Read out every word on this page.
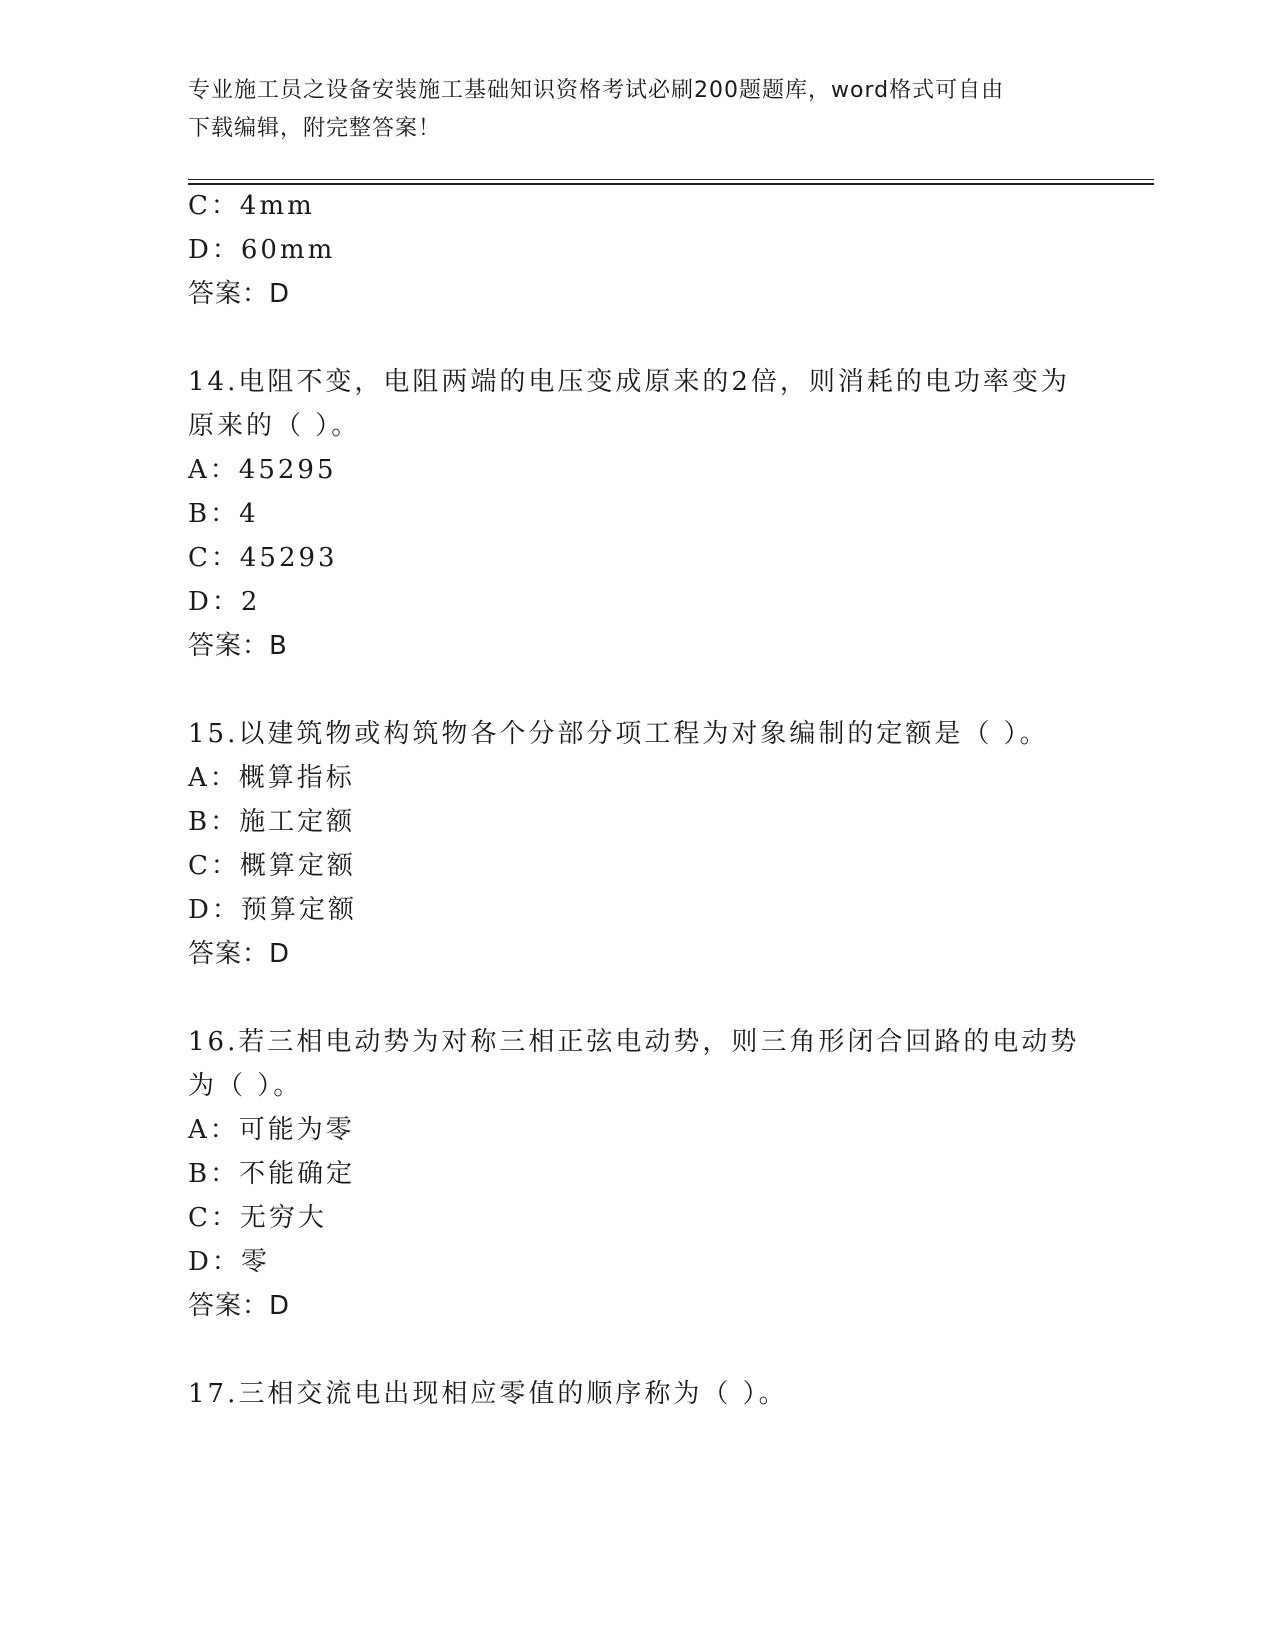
专业施工员之设备安装施工基础知识资格考试必刷200题题库，word格式可自由
下载编辑，附完整答案！
C：4mm
D：60mm
答案：D
14.电阻不变，电阻两端的电压变成原来的2倍，则消耗的电功率变为
原来的（ ）。
A：45295
B：4
C：45293
D：2
答案：B
15.以建筑物或构筑物各个分部分项工程为对象编制的定额是（ ）。
A：概算指标
B：施工定额
C：概算定额
D：预算定额
答案：D
16.若三相电动势为对称三相正弦电动势，则三角形闭合回路的电动势
为（ ）。
A：可能为零
B：不能确定
C：无穷大
D：零
答案：D
17.三相交流电出现相应零值的顺序称为（ ）。
